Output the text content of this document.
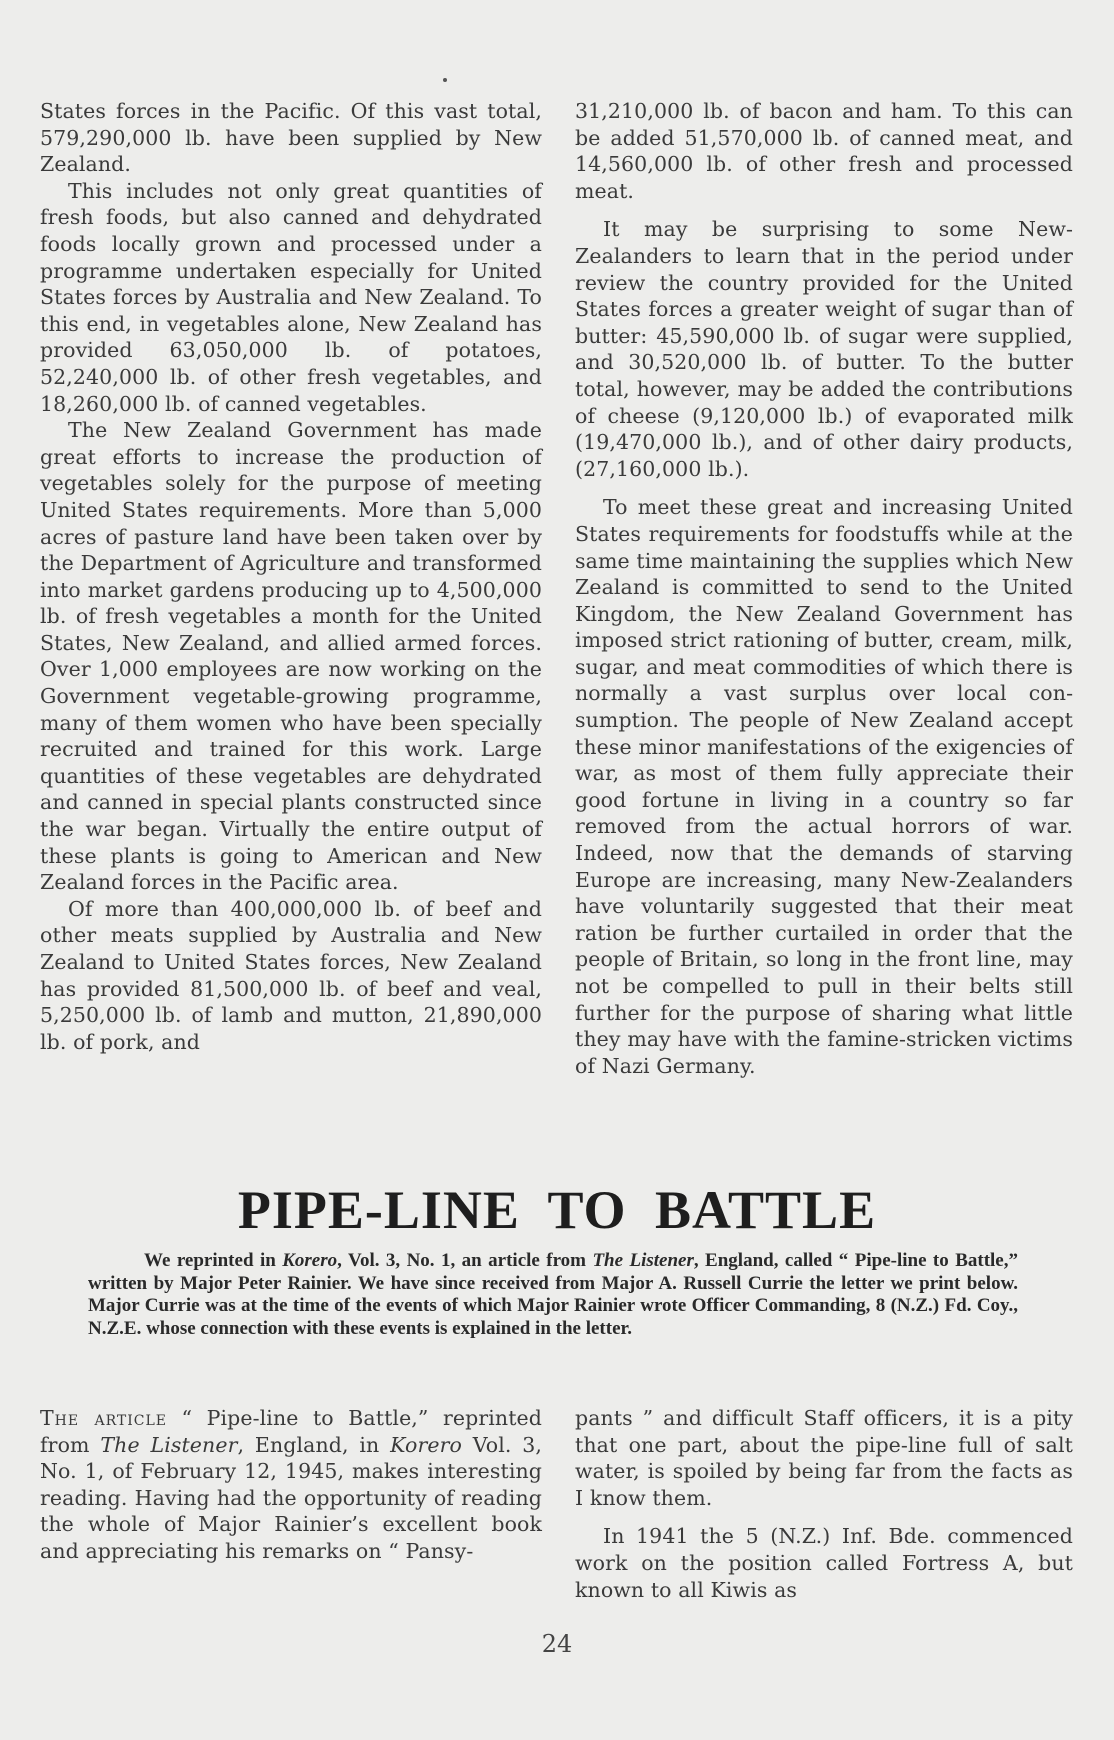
States forces in the Pacific. Of this vast total, 579,290,000 lb. have been supplied by New Zealand.

This includes not only great quantities of fresh foods, but also canned and dehydrated foods locally grown and processed under a programme undertaken especially for United States forces by Australia and New Zealand. To this end, in vegetables alone, New Zealand has provided 63,050,000 lb. of potatoes, 52,240,000 lb. of other fresh vegetables, and 18,260,000 lb. of canned vegetables.

The New Zealand Government has made great efforts to increase the production of vegetables solely for the purpose of meeting United States requirements. More than 5,000 acres of pasture land have been taken over by the Department of Agriculture and transformed into market gardens producing up to 4,500,000 lb. of fresh vegetables a month for the United States, New Zealand, and allied armed forces. Over 1,000 employees are now working on the Government vegetable-growing programme, many of them women who have been specially recruited and trained for this work. Large quantities of these vegetables are dehydrated and canned in special plants constructed since the war began. Virtually the entire output of these plants is going to American and New Zealand forces in the Pacific area.

Of more than 400,000,000 lb. of beef and other meats supplied by Australia and New Zealand to United States forces, New Zealand has provided 81,500,000 lb. of beef and veal, 5,250,000 lb. of lamb and mutton, 21,890,000 lb. of pork, and

31,210,000 lb. of bacon and ham. To this can be added 51,570,000 lb. of canned meat, and 14,560,000 lb. of other fresh and processed meat.

It may be surprising to some New-Zealanders to learn that in the period under review the country provided for the United States forces a greater weight of sugar than of butter: 45,590,000 lb. of sugar were supplied, and 30,520,000 lb. of butter. To the butter total, however, may be added the contributions of cheese (9,120,000 lb.) of evaporated milk (19,470,000 lb.), and of other dairy products, (27,160,000 lb.).

To meet these great and increasing United States requirements for foodstuffs while at the same time maintaining the supplies which New Zealand is committed to send to the United Kingdom, the New Zealand Government has imposed strict rationing of butter, cream, milk, sugar, and meat commodities of which there is normally a vast surplus over local consumption. The people of New Zealand accept these minor manifestations of the exigencies of war, as most of them fully appreciate their good fortune in living in a country so far removed from the actual horrors of war. Indeed, now that the demands of starving Europe are increasing, many New-Zealanders have voluntarily suggested that their meat ration be further curtailed in order that the people of Britain, so long in the front line, may not be compelled to pull in their belts still further for the purpose of sharing what little they may have with the famine-stricken victims of Nazi Germany.

PIPE-LINE TO BATTLE

We reprinted in Korero, Vol. 3, No. 1, an article from The Listener, England, called “ Pipe-line to Battle,” written by Major Peter Rainier. We have since received from Major A. Russell Currie the letter we print below. Major Currie was at the time of the events of which Major Rainier wrote Officer Commanding, 8 (N.Z.) Fd. Coy., N.Z.E. whose connection with these events is explained in the letter.

The article “ Pipe-line to Battle,” reprinted from The Listener, England, in Korero Vol. 3, No. 1, of February 12, 1945, makes interesting reading. Having had the opportunity of reading the whole of Major Rainier’s excellent book and appreciating his remarks on “ Pansy-

pants ” and difficult Staff officers, it is a pity that one part, about the pipe-line full of salt water, is spoiled by being far from the facts as I know them.

In 1941 the 5 (N.Z.) Inf. Bde. commenced work on the position called Fortress A, but known to all Kiwis as

24
